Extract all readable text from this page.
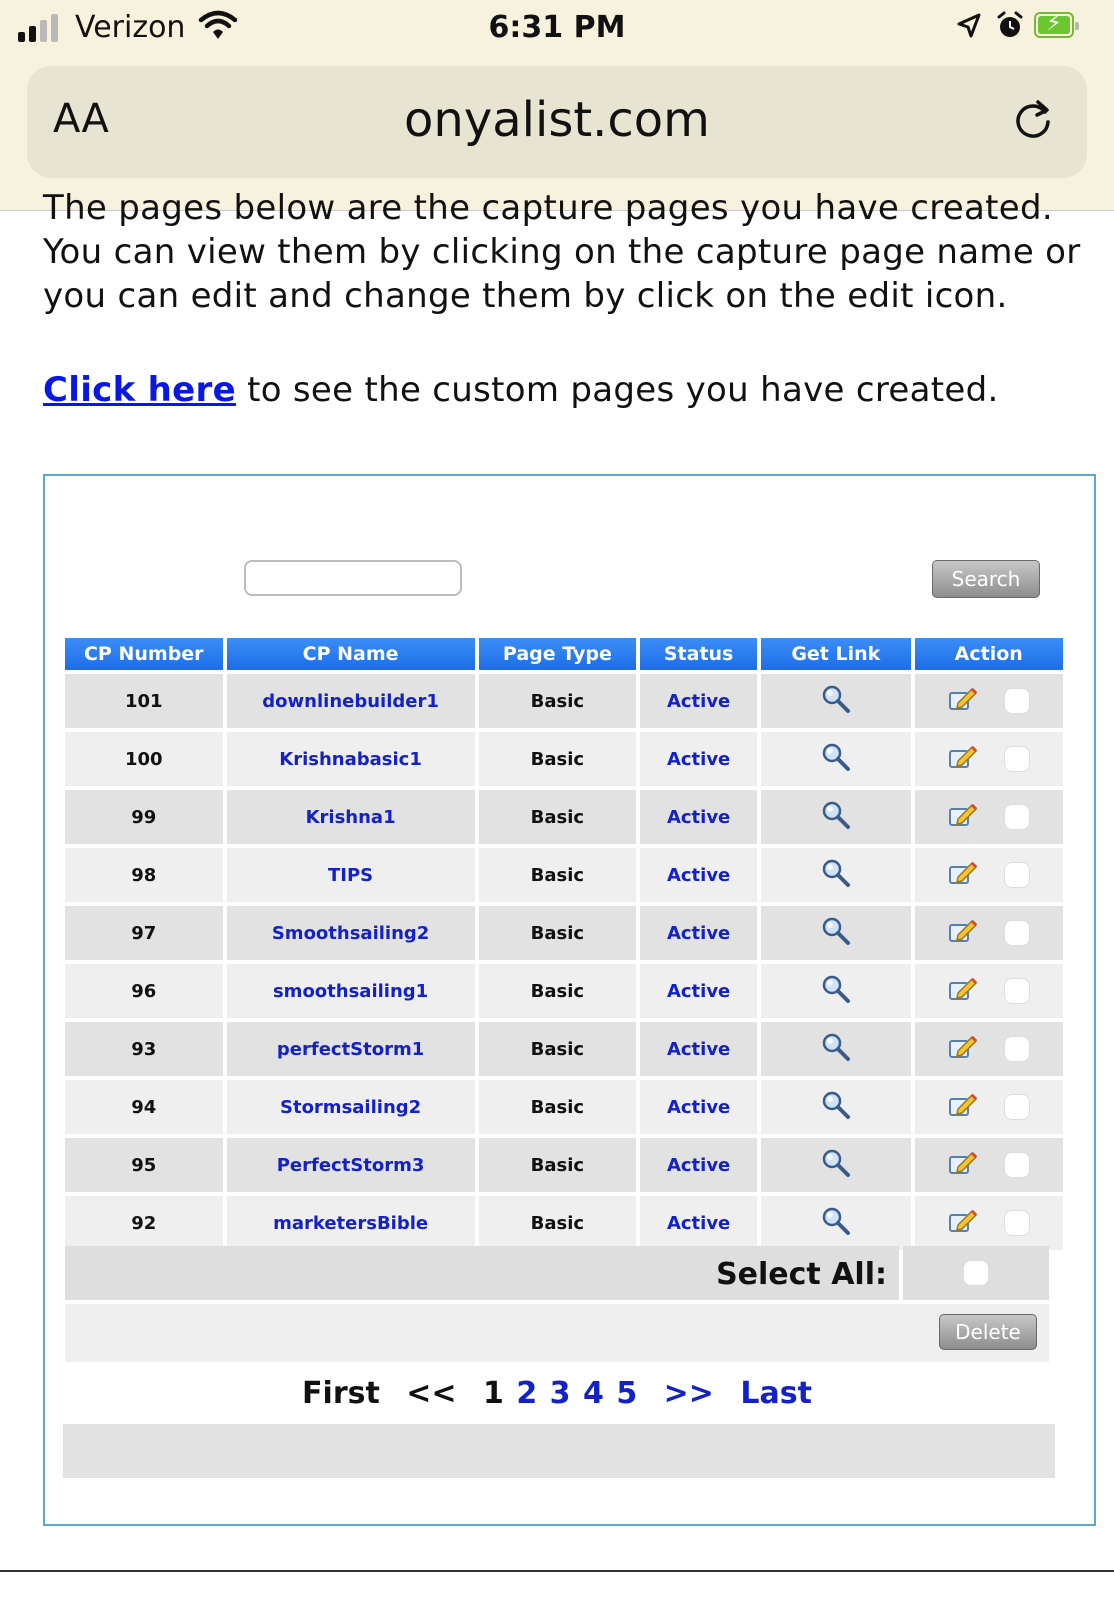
Verizon	6:31 PM	⚡
AA	onyalist.com
The pages below are the capture pages you have created. You can view them by clicking on the capture page name or you can edit and change them by click on the edit icon.
Click here to see the custom pages you have created.
Search
CP Number	CP Name	Page Type	Status	Get Link	Action
101	downlinebuilder1	Basic	Active		

100	Krishnabasic1	Basic	Active		

99	Krishna1	Basic	Active		

98	TIPS	Basic	Active		

97	Smoothsailing2	Basic	Active		

96	smoothsailing1	Basic	Active		

93	perfectStorm1	Basic	Active		

94	Stormsailing2	Basic	Active		

95	PerfectStorm3	Basic	Active		

92	marketersBible	Basic	Active		
Select All:
Delete
First << 1 2 3 4 5 >> Last
